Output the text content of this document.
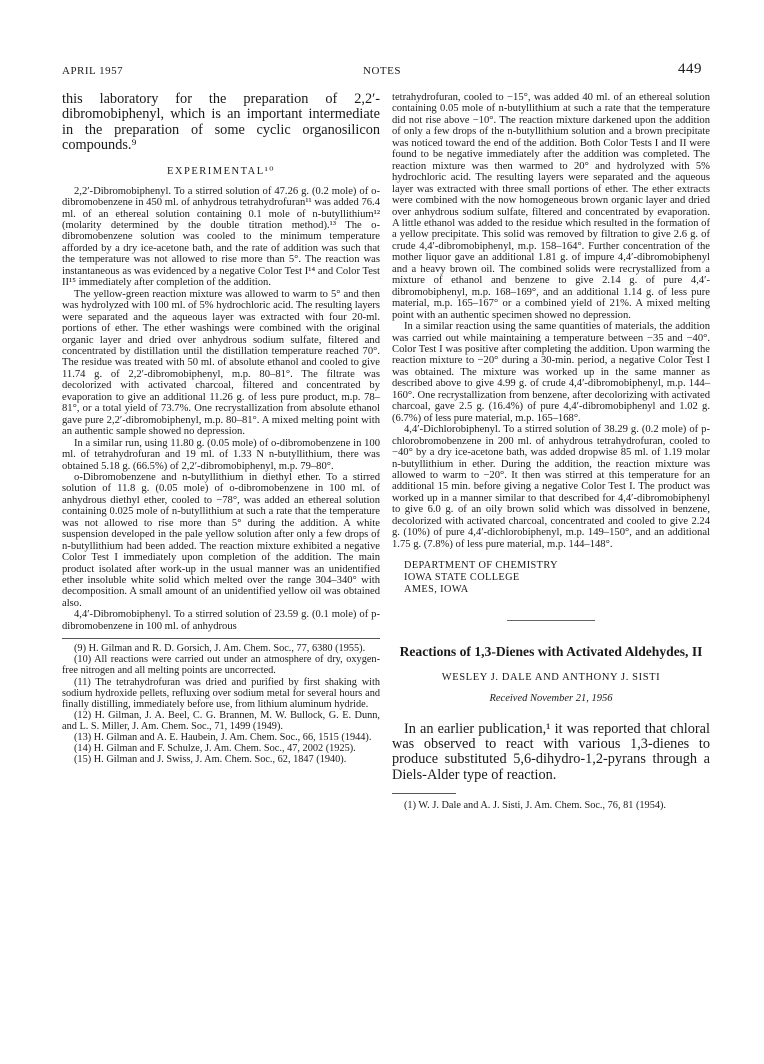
APRIL 1957	NOTES	449

this laboratory for the preparation of 2,2′-dibromobiphenyl, which is an important intermediate in the preparation of some cyclic organosilicon compounds.⁹

EXPERIMENTAL¹⁰

2,2′-Dibromobiphenyl. To a stirred solution of 47.26 g. (0.2 mole) of o-dibromobenzene in 450 ml. of anhydrous tetrahydrofuran¹¹ was added 76.4 ml. of an ethereal solution containing 0.1 mole of n-butyllithium¹² (molarity determined by the double titration method).¹³ The o-dibromobenzene solution was cooled to the minimum temperature afforded by a dry ice-acetone bath, and the rate of addition was such that the temperature was not allowed to rise more than 5°. The reaction was instantaneous as was evidenced by a negative Color Test I¹⁴ and Color Test II¹⁵ immediately after completion of the addition.

The yellow-green reaction mixture was allowed to warm to 5° and then was hydrolyzed with 100 ml. of 5% hydrochloric acid. The resulting layers were separated and the aqueous layer was extracted with four 20-ml. portions of ether. The ether washings were combined with the original organic layer and dried over anhydrous sodium sulfate, filtered and concentrated by distillation until the distillation temperature reached 70°. The residue was treated with 50 ml. of absolute ethanol and cooled to give 11.74 g. of 2,2′-dibromobiphenyl, m.p. 80–81°. The filtrate was decolorized with activated charcoal, filtered and concentrated by evaporation to give an additional 11.26 g. of less pure product, m.p. 78–81°, or a total yield of 73.7%. One recrystallization from absolute ethanol gave pure 2,2′-dibromobiphenyl, m.p. 80–81°. A mixed melting point with an authentic sample showed no depression.

In a similar run, using 11.80 g. (0.05 mole) of o-dibromobenzene in 100 ml. of tetrahydrofuran and 19 ml. of 1.33 N n-butyllithium, there was obtained 5.18 g. (66.5%) of 2,2′-dibromobiphenyl, m.p. 79–80°.

o-Dibromobenzene and n-butyllithium in diethyl ether. To a stirred solution of 11.8 g. (0.05 mole) of o-dibromobenzene in 100 ml. of anhydrous diethyl ether, cooled to −78°, was added an ethereal solution containing 0.025 mole of n-butyllithium at such a rate that the temperature was not allowed to rise more than 5° during the addition. A white suspension developed in the pale yellow solution after only a few drops of n-butyllithium had been added. The reaction mixture exhibited a negative Color Test I immediately upon completion of the addition. The main product isolated after work-up in the usual manner was an unidentified ether insoluble white solid which melted over the range 304–340° with decomposition. A small amount of an unidentified yellow oil was obtained also.

4,4′-Dibromobiphenyl. To a stirred solution of 23.59 g. (0.1 mole) of p-dibromobenzene in 100 ml. of anhydrous

(9) H. Gilman and R. D. Gorsich, J. Am. Chem. Soc., 77, 6380 (1955).

(10) All reactions were carried out under an atmosphere of dry, oxygen-free nitrogen and all melting points are uncorrected.

(11) The tetrahydrofuran was dried and purified by first shaking with sodium hydroxide pellets, refluxing over sodium metal for several hours and finally distilling, immediately before use, from lithium aluminum hydride.

(12) H. Gilman, J. A. Beel, C. G. Brannen, M. W. Bullock, G. E. Dunn, and L. S. Miller, J. Am. Chem. Soc., 71, 1499 (1949).

(13) H. Gilman and A. E. Haubein, J. Am. Chem. Soc., 66, 1515 (1944).

(14) H. Gilman and F. Schulze, J. Am. Chem. Soc., 47, 2002 (1925).

(15) H. Gilman and J. Swiss, J. Am. Chem. Soc., 62, 1847 (1940).

tetrahydrofuran, cooled to −15°, was added 40 ml. of an ethereal solution containing 0.05 mole of n-butyllithium at such a rate that the temperature did not rise above −10°. The reaction mixture darkened upon the addition of only a few drops of the n-butyllithium solution and a brown precipitate was noticed toward the end of the addition. Both Color Tests I and II were found to be negative immediately after the addition was completed. The reaction mixture was then warmed to 20° and hydrolyzed with 5% hydrochloric acid. The resulting layers were separated and the aqueous layer was extracted with three small portions of ether. The ether extracts were combined with the now homogeneous brown organic layer and dried over anhydrous sodium sulfate, filtered and concentrated by evaporation. A little ethanol was added to the residue which resulted in the formation of a yellow precipitate. This solid was removed by filtration to give 2.6 g. of crude 4,4′-dibromobiphenyl, m.p. 158–164°. Further concentration of the mother liquor gave an additional 1.81 g. of impure 4,4′-dibromobiphenyl and a heavy brown oil. The combined solids were recrystallized from a mixture of ethanol and benzene to give 2.14 g. of pure 4,4′-dibromobiphenyl, m.p. 168–169°, and an additional 1.14 g. of less pure material, m.p. 165–167° or a combined yield of 21%. A mixed melting point with an authentic specimen showed no depression.

In a similar reaction using the same quantities of materials, the addition was carried out while maintaining a temperature between −35 and −40°. Color Test I was positive after completing the addition. Upon warming the reaction mixture to −20° during a 30-min. period, a negative Color Test I was obtained. The mixture was worked up in the same manner as described above to give 4.99 g. of crude 4,4′-dibromobiphenyl, m.p. 144–160°. One recrystallization from benzene, after decolorizing with activated charcoal, gave 2.5 g. (16.4%) of pure 4,4′-dibromobiphenyl and 1.02 g. (6.7%) of less pure material, m.p. 165–168°.

4,4′-Dichlorobiphenyl. To a stirred solution of 38.29 g. (0.2 mole) of p-chlorobromobenzene in 200 ml. of anhydrous tetrahydrofuran, cooled to −40° by a dry ice-acetone bath, was added dropwise 85 ml. of 1.19 molar n-butyllithium in ether. During the addition, the reaction mixture was allowed to warm to −20°. It then was stirred at this temperature for an additional 15 min. before giving a negative Color Test I. The product was worked up in a manner similar to that described for 4,4′-dibromobiphenyl to give 6.0 g. of an oily brown solid which was dissolved in benzene, decolorized with activated charcoal, concentrated and cooled to give 2.24 g. (10%) of pure 4,4′-dichlorobiphenyl, m.p. 149–150°, and an additional 1.75 g. (7.8%) of less pure material, m.p. 144–148°.

DEPARTMENT OF CHEMISTRY
IOWA STATE COLLEGE
AMES, IOWA
Reactions of 1,3-Dienes with Activated Aldehydes, II
WESLEY J. DALE AND ANTHONY J. SISTI
Received November 21, 1956

In an earlier publication,¹ it was reported that chloral was observed to react with various 1,3-dienes to produce substituted 5,6-dihydro-1,2-pyrans through a Diels-Alder type of reaction.

(1) W. J. Dale and A. J. Sisti, J. Am. Chem. Soc., 76, 81 (1954).
